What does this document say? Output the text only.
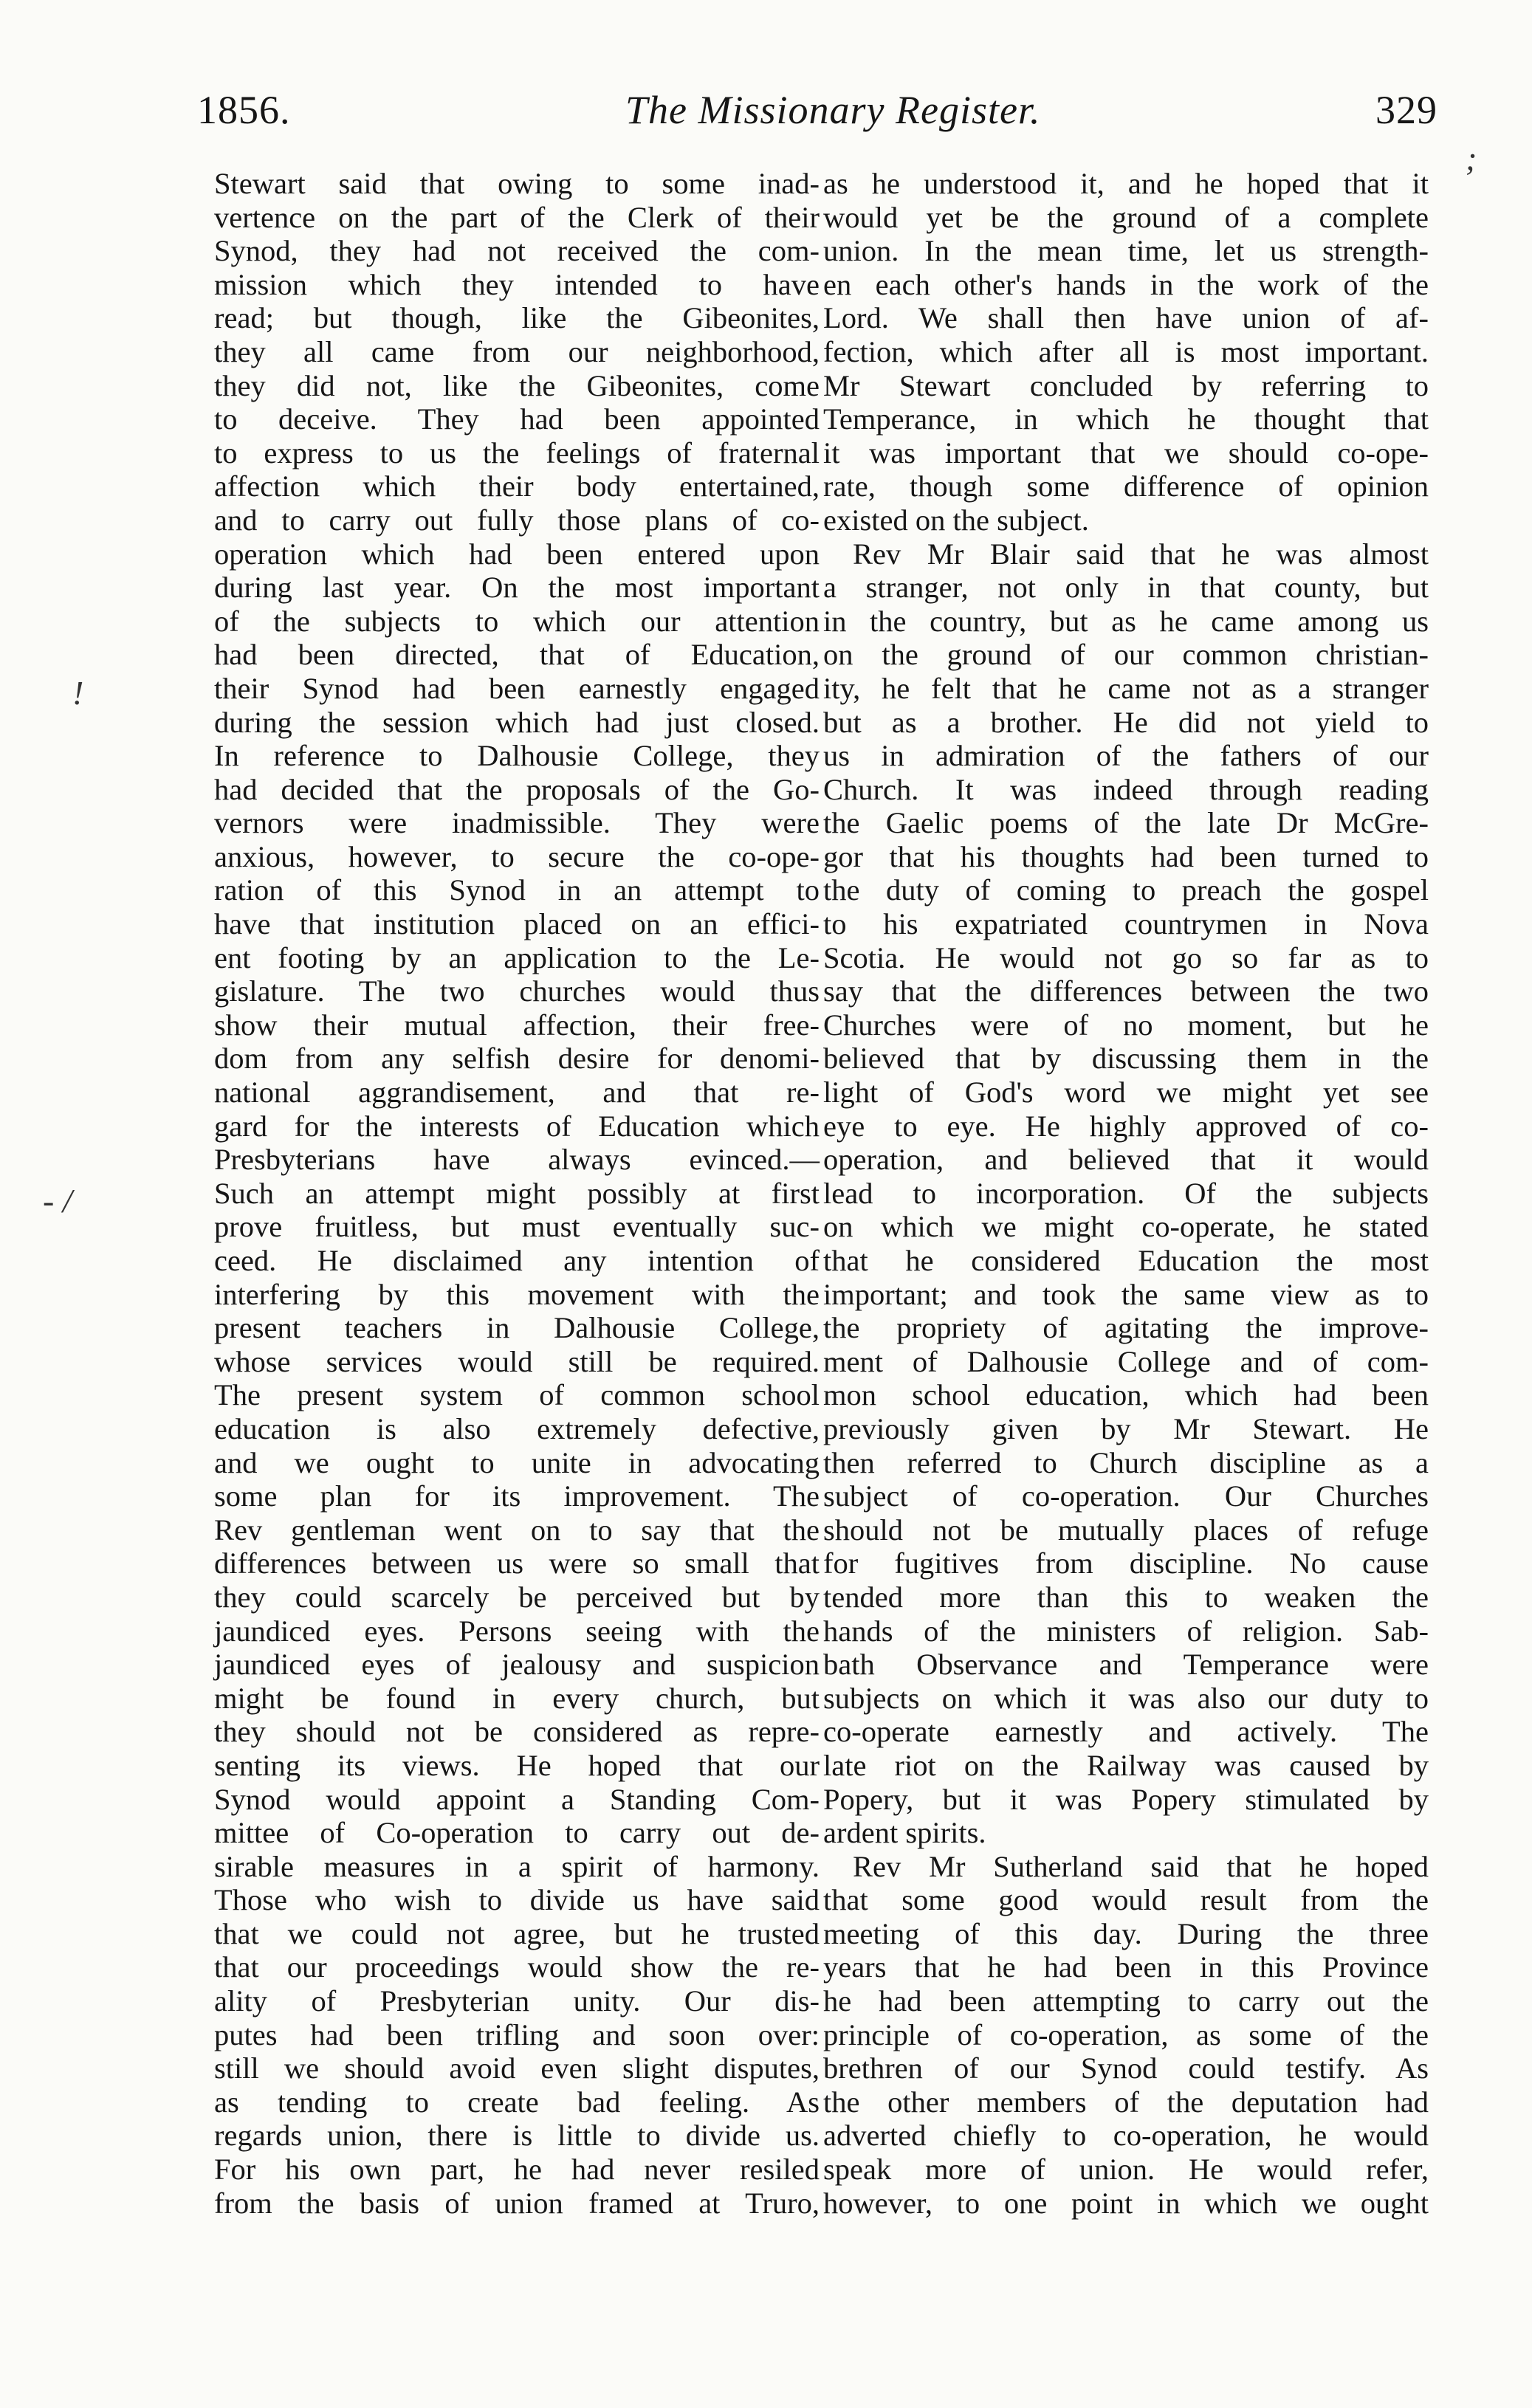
1856.	The Missionary Register.	329
!
- /
;
Stewart said that owing to some inad-
vertence on the part of the Clerk of their
Synod, they had not received the com-
mission which they intended to have
read; but though, like the Gibeonites,
they all came from our neighborhood,
they did not, like the Gibeonites, come
to deceive. They had been appointed
to express to us the feelings of fraternal
affection which their body entertained,
and to carry out fully those plans of co-
operation which had been entered upon
during last year. On the most important
of the subjects to which our attention
had been directed, that of Education,
their Synod had been earnestly engaged
during the session which had just closed.
In reference to Dalhousie College, they
had decided that the proposals of the Go-
vernors were inadmissible. They were
anxious, however, to secure the co-ope-
ration of this Synod in an attempt to
have that institution placed on an effici-
ent footing by an application to the Le-
gislature. The two churches would thus
show their mutual affection, their free-
dom from any selfish desire for denomi-
national aggrandisement, and that re-
gard for the interests of Education which
Presbyterians have always evinced.—
Such an attempt might possibly at first
prove fruitless, but must eventually suc-
ceed. He disclaimed any intention of
interfering by this movement with the
present teachers in Dalhousie College,
whose services would still be required.
The present system of common school
education is also extremely defective,
and we ought to unite in advocating
some plan for its improvement. The
Rev gentleman went on to say that the
differences between us were so small that
they could scarcely be perceived but by
jaundiced eyes. Persons seeing with the
jaundiced eyes of jealousy and suspicion
might be found in every church, but
they should not be considered as repre-
senting its views. He hoped that our
Synod would appoint a Standing Com-
mittee of Co-operation to carry out de-
sirable measures in a spirit of harmony.
Those who wish to divide us have said
that we could not agree, but he trusted
that our proceedings would show the re-
ality of Presbyterian unity. Our dis-
putes had been trifling and soon over:
still we should avoid even slight disputes,
as tending to create bad feeling. As
regards union, there is little to divide us.
For his own part, he had never resiled
from the basis of union framed at Truro,
as he understood it, and he hoped that it
would yet be the ground of a complete
union. In the mean time, let us strength-
en each other's hands in the work of the
Lord. We shall then have union of af-
fection, which after all is most important.
Mr Stewart concluded by referring to
Temperance, in which he thought that
it was important that we should co-ope-
rate, though some difference of opinion
existed on the subject.
Rev Mr Blair said that he was almost
a stranger, not only in that county, but
in the country, but as he came among us
on the ground of our common christian-
ity, he felt that he came not as a stranger
but as a brother. He did not yield to
us in admiration of the fathers of our
Church. It was indeed through reading
the Gaelic poems of the late Dr McGre-
gor that his thoughts had been turned to
the duty of coming to preach the gospel
to his expatriated countrymen in Nova
Scotia. He would not go so far as to
say that the differences between the two
Churches were of no moment, but he
believed that by discussing them in the
light of God's word we might yet see
eye to eye. He highly approved of co-
operation, and believed that it would
lead to incorporation. Of the subjects
on which we might co-operate, he stated
that he considered Education the most
important; and took the same view as to
the propriety of agitating the improve-
ment of Dalhousie College and of com-
mon school education, which had been
previously given by Mr Stewart. He
then referred to Church discipline as a
subject of co-operation. Our Churches
should not be mutually places of refuge
for fugitives from discipline. No cause
tended more than this to weaken the
hands of the ministers of religion. Sab-
bath Observance and Temperance were
subjects on which it was also our duty to
co-operate earnestly and actively. The
late riot on the Railway was caused by
Popery, but it was Popery stimulated by
ardent spirits.
Rev Mr Sutherland said that he hoped
that some good would result from the
meeting of this day. During the three
years that he had been in this Province
he had been attempting to carry out the
principle of co-operation, as some of the
brethren of our Synod could testify. As
the other members of the deputation had
adverted chiefly to co-operation, he would
speak more of union. He would refer,
however, to one point in which we ought
